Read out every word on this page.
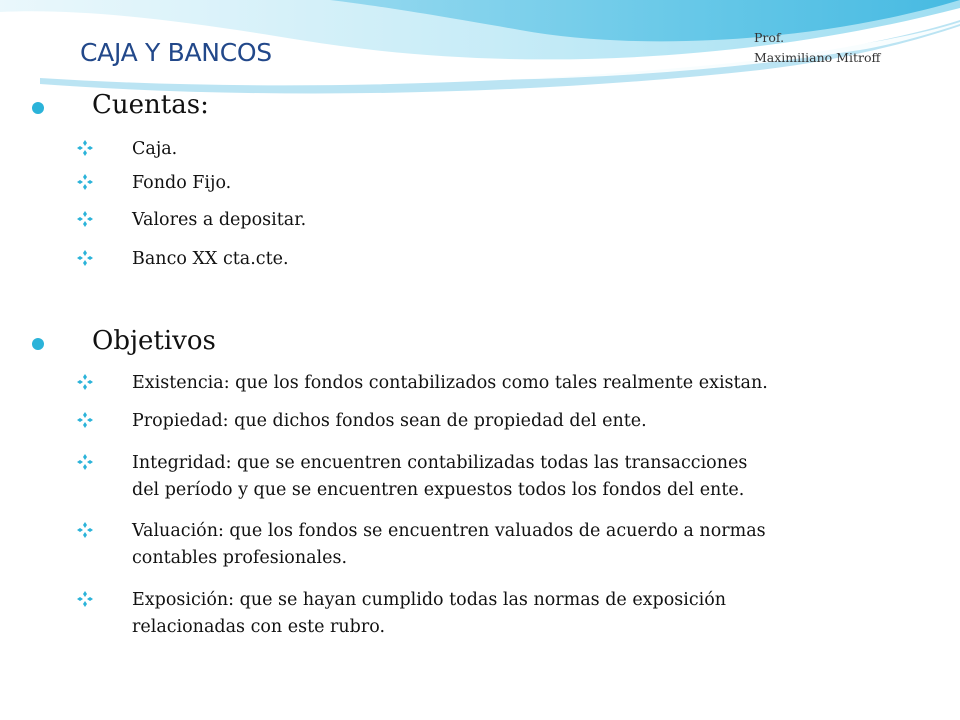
CAJA Y BANCOS
Prof.
Maximiliano Mitroff
Cuentas:
Caja.
Fondo Fijo.
Valores a depositar.
Banco XX cta.cte.
Objetivos
Existencia: que los fondos contabilizados como tales realmente existan.
Propiedad: que dichos fondos sean de propiedad del ente.
Integridad: que se encuentren contabilizadas todas las transacciones
del período y que se encuentren expuestos todos los fondos del ente.
Valuación: que los fondos se encuentren valuados de acuerdo a normas
contables profesionales.
Exposición: que se hayan cumplido todas las normas de exposición
relacionadas con este rubro.
